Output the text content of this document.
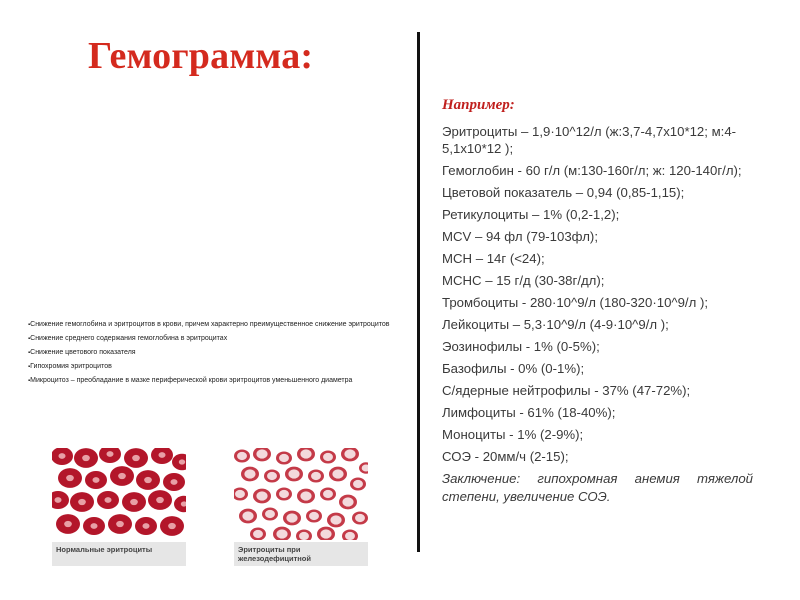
Гемограмма:

▪Снижение гемоглобина и эритроцитов в крови, причем характерно преимущественное снижение эритроцитов

▪Снижение среднего содержания гемоглобина в эритроцитах

▪Снижение цветового показателя

▪Гипохромия эритроцитов

▪Микроцитоз – преобладание в мазке периферической крови эритроцитов уменьшенного диаметра

Нормальные эритроциты	Эритроциты при
железодефицитной

Например:

Эритроциты – 1,9·10^12/л (ж:3,7-4,7х10*12; м:4-5,1х10*12 );

Гемоглобин - 60 г/л (м:130-160г/л; ж: 120-140г/л);

Цветовой показатель – 0,94 (0,85-1,15);

Ретикулоциты – 1% (0,2-1,2);

MCV – 94 фл (79-103фл);

MCH – 14г (<24);

MCHC – 15 г/д (30-38г/дл);

Тромбоциты - 280·10^9/л (180-320·10^9/л );

Лейкоциты – 5,3·10^9/л (4-9·10^9/л );

Эозинофилы - 1% (0-5%);

Базофилы - 0% (0-1%);

С/ядерные нейтрофилы - 37% (47-72%);

Лимфоциты - 61% (18-40%);

Моноциты - 1% (2-9%);

СОЭ - 20мм/ч (2-15);

Заключение: гипохромная анемия тяжелой степени, увеличение СОЭ.
